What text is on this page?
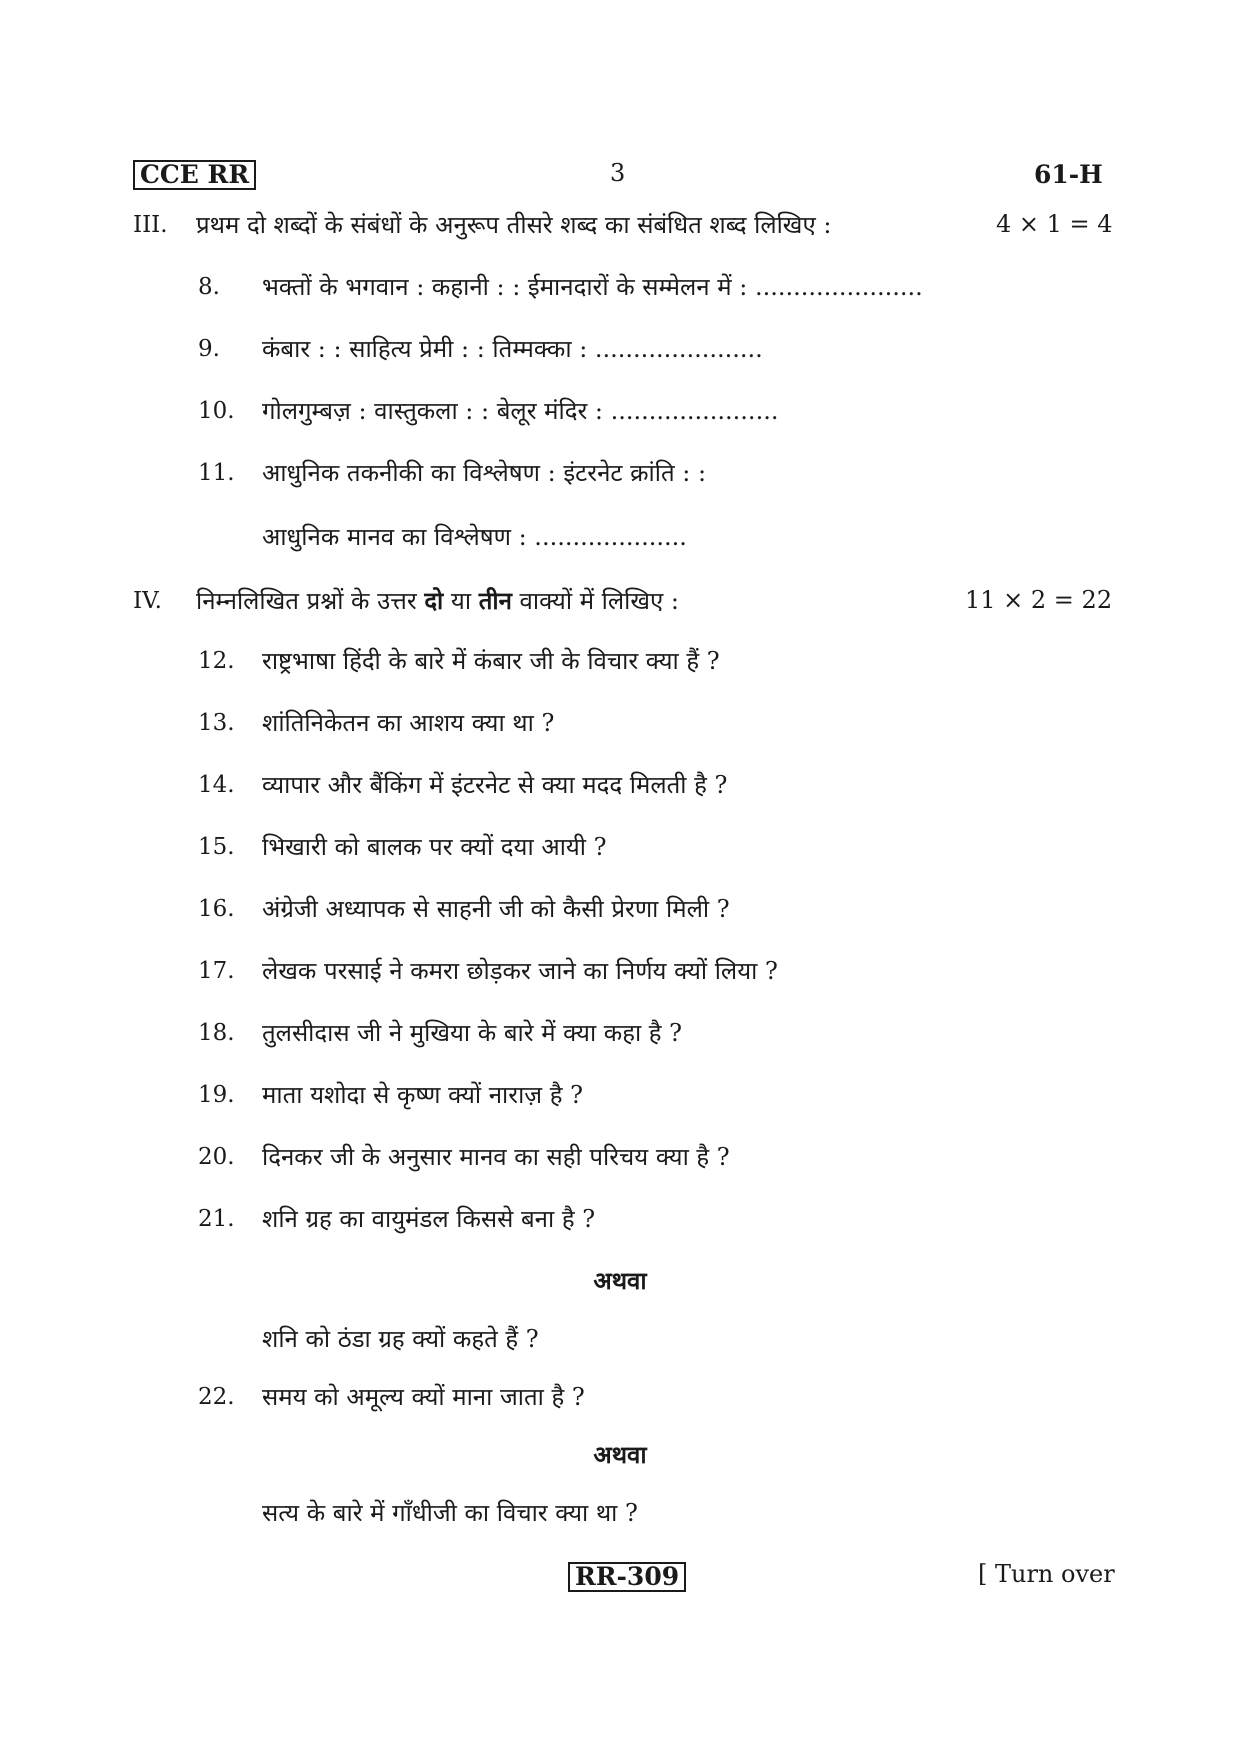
CCE RR	3	61-H
III. प्रथम दो शब्दों के संबंधों के अनुरूप तीसरे शब्द का संबंधित शब्द लिखिए :	4 × 1 = 4
8. भक्तों के भगवान : कहानी : : ईमानदारों के सम्मेलन में : ......................
9. कंबार : : साहित्य प्रेमी : : तिम्मक्का : ......................
10. गोलगुम्बज़ : वास्तुकला : : बेलूर मंदिर : ......................
11. आधुनिक तकनीकी का विश्लेषण : इंटरनेट क्रांति : :
आधुनिक मानव का विश्लेषण : ....................
IV. निम्नलिखित प्रश्नों के उत्तर दो या तीन वाक्यों में लिखिए :	11 × 2 = 22
12. राष्ट्रभाषा हिंदी के बारे में कंबार जी के विचार क्या हैं ?
13. शांतिनिकेतन का आशय क्या था ?
14. व्यापार और बैंकिंग में इंटरनेट से क्या मदद मिलती है ?
15. भिखारी को बालक पर क्यों दया आयी ?
16. अंग्रेजी अध्यापक से साहनी जी को कैसी प्रेरणा मिली ?
17. लेखक परसाई ने कमरा छोड़कर जाने का निर्णय क्यों लिया ?
18. तुलसीदास जी ने मुखिया के बारे में क्या कहा है ?
19. माता यशोदा से कृष्ण क्यों नाराज़ है ?
20. दिनकर जी के अनुसार मानव का सही परिचय क्या है ?
21. शनि ग्रह का वायुमंडल किससे बना है ?
अथवा
शनि को ठंडा ग्रह क्यों कहते हैं ?
22. समय को अमूल्य क्यों माना जाता है ?
अथवा
सत्य के बारे में गाँधीजी का विचार क्या था ?
RR-309	[ Turn over
